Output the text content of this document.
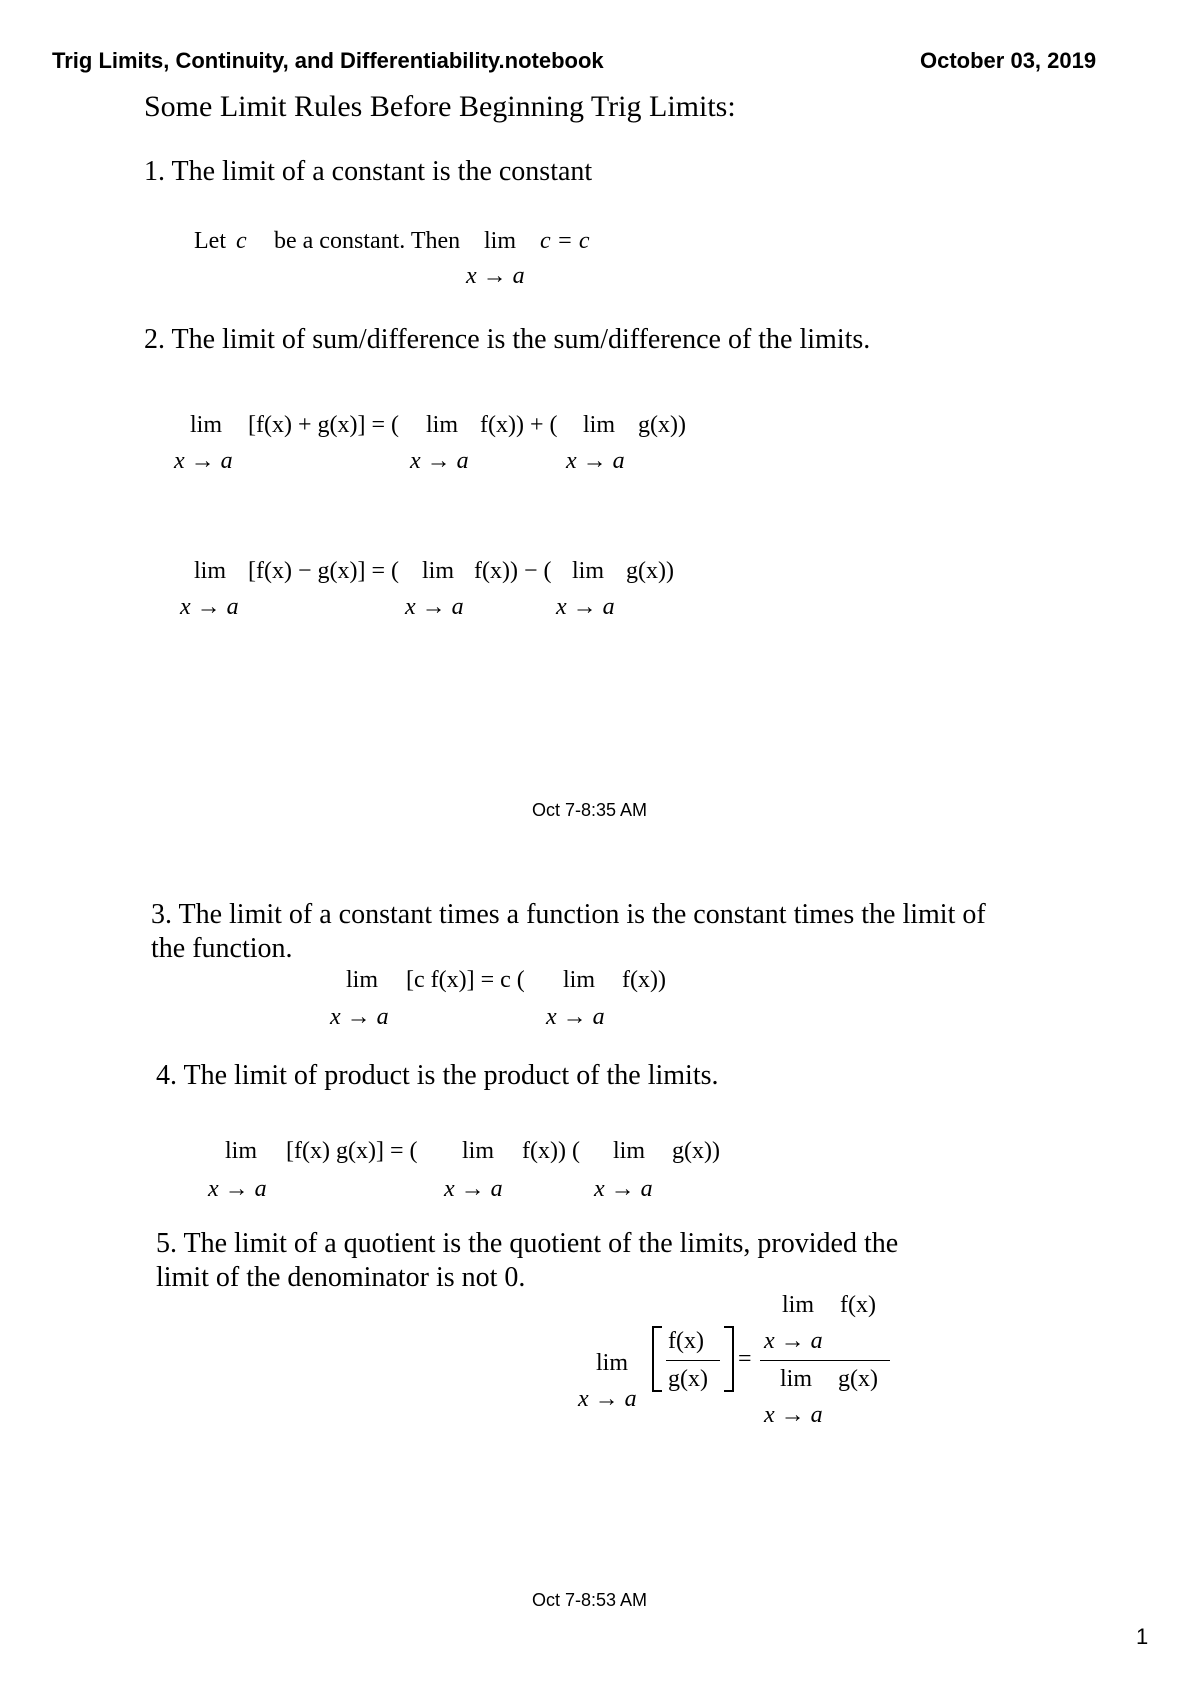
Trig Limits, Continuity, and Differentiability.notebook	October 03, 2019
Some Limit Rules Before Beginning Trig Limits:
1. The limit of a constant is the constant
Let c be a constant. Then lim c = c
x → a
2. The limit of sum/difference is the sum/difference of the limits.
lim [f(x) + g(x)] = ( lim f(x)) + ( lim g(x))
x → a	x → a	x → a
lim [f(x) − g(x)] = ( lim f(x)) − ( lim g(x))
x → a	x → a	x → a
Oct 7-8:35 AM
3. The limit of a constant times a function is the constant times the limit of
the function.
lim [c f(x)] = c ( lim f(x))
x → a	x → a
4. The limit of product is the product of the limits.
lim [f(x) g(x)] = ( lim f(x)) ( lim g(x))
x → a	x → a	x → a
5. The limit of a quotient is the quotient of the limits, provided the
limit of the denominator is not 0.
lim
x → a
f(x)
g(x)
=
lim f(x)
x → a
lim g(x)
x → a
Oct 7-8:53 AM
1
